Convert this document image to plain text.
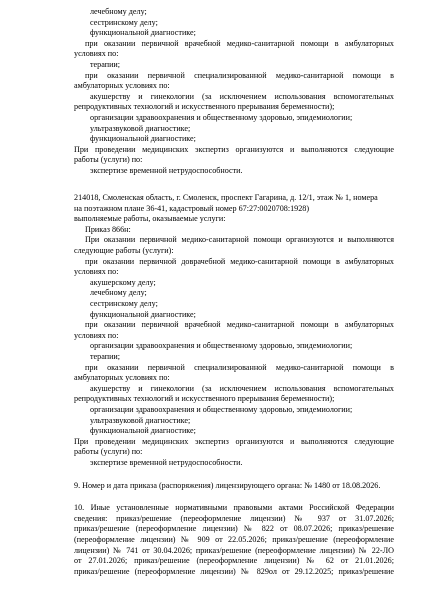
лечебному делу;
сестринскому делу;
функциональной диагностике;
при оказании первичной врачебной медико-санитарной помощи в амбулаторных
условиях по:
терапии;
при оказании первичной специализированной медико-санитарной помощи в
амбулаторных условиях по:
акушерству и гинекологии (за исключением использования вспомогательных
репродуктивных технологий и искусственного прерывания беременности);
организации здравоохранения и общественному здоровью, эпидемиологии;
ультразвуковой диагностике;
функциональной диагностике;
При проведении медицинских экспертиз организуются и выполняются следующие
работы (услуги) по:
экспертизе временной нетрудоспособности.
214018, Смоленская область, г. Смоленск, проспект Гагарина, д. 12/1, этаж № 1, номера
на поэтажном плане 36-41, кадастровый номер 67:27:0020708:1928)
выполняемые работы, оказываемые услуги:
Приказ 866н:
При оказании первичной медико-санитарной помощи организуются и выполняются
следующие работы (услуги):
при оказании первичной доврачебной медико-санитарной помощи в амбулаторных
условиях по:
акушерскому делу;
лечебному делу;
сестринскому делу;
функциональной диагностике;
при оказании первичной врачебной медико-санитарной помощи в амбулаторных
условиях по:
организации здравоохранения и общественному здоровью, эпидемиологии;
терапии;
при оказании первичной специализированной медико-санитарной помощи в
амбулаторных условиях по:
акушерству и гинекологии (за исключением использования вспомогательных
репродуктивных технологий и искусственного прерывания беременности);
организации здравоохранения и общественному здоровью, эпидемиологии;
ультразвуковой диагностике;
функциональной диагностике;
При проведении медицинских экспертиз организуются и выполняются следующие
работы (услуги) по:
экспертизе временной нетрудоспособности.
9. Номер и дата приказа (распоряжения) лицензирующего органа: № 1480 от 18.08.2026.
10. Иные установленные нормативными правовыми актами Российской Федерации
сведения: приказ/решение (переоформление лицензии) № 937 от 31.07.2026;
приказ/решение (переоформление лицензии) № 822 от 08.07.2026; приказ/решение
(переоформление лицензии) № 909 от 22.05.2026; приказ/решение (переоформление
лицензии) № 741 от 30.04.2026; приказ/решение (переоформление лицензии) № 22-ЛО
от 27.01.2026; приказ/решение (переоформление лицензии) № 62 от 21.01.2026;
приказ/решение (переоформление лицензии) № 829ол от 29.12.2025; приказ/решение
